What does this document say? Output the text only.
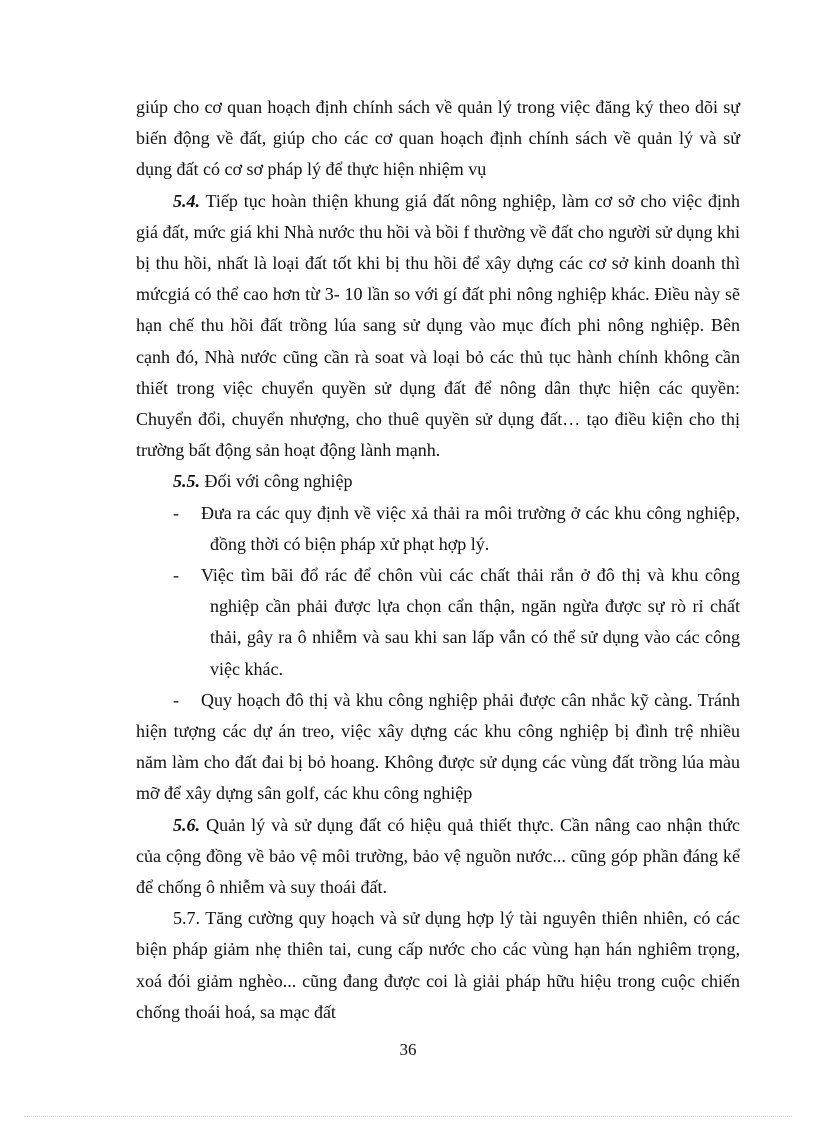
giúp cho cơ quan hoạch định chính sách về quản lý trong việc đăng ký theo dõi sự biến động về đất, giúp cho các cơ quan hoạch định chính sách về quản lý và sử dụng đất có cơ sơ pháp lý để thực hiện nhiệm vụ

5.4. Tiếp tục hoàn thiện khung giá đất nông nghiệp, làm cơ sở cho việc định giá đất, mức giá khi Nhà nước thu hồi và bồi f thường về đất cho người sử dụng khi bị thu hồi, nhất là loại đất tốt khi bị thu hồi để xây dựng các cơ sở kinh doanh thì mứcgiá có thể cao hơn từ 3- 10 lần so với gí đất phi nông nghiệp khác. Điều này sẽ hạn chế thu hồi đất trồng lúa sang sử dụng vào mục đích phi nông nghiệp. Bên cạnh đó, Nhà nước cũng cần rà soat và loại bỏ các thủ tục hành chính không cần thiết trong việc chuyển quyền sử dụng đất để nông dân thực hiện các quyền: Chuyển đổi, chuyển nhượng, cho thuê quyền sử dụng đất… tạo điều kiện cho thị trường bất động sản hoạt động lành mạnh.

5.5. Đối với công nghiệp

- Đưa ra các quy định về việc xả thải ra môi trường ở các khu công nghiệp, đồng thời có biện pháp xử phạt hợp lý.

- Việc tìm bãi đổ rác để chôn vùi các chất thải rắn ở đô thị và khu công nghiệp cần phải được lựa chọn cẩn thận, ngăn ngừa được sự rò rỉ chất thải, gây ra ô nhiễm và sau khi san lấp vẫn có thể sử dụng vào các công việc khác.

- Quy hoạch đô thị và khu công nghiệp phải được cân nhắc kỹ càng. Tránh hiện tượng các dự án treo, việc xây dựng các khu công nghiệp bị đình trệ nhiều năm làm cho đất đai bị bỏ hoang. Không được sử dụng các vùng đất trồng lúa màu mỡ để xây dựng sân golf, các khu công nghiệp

5.6. Quản lý và sử dụng đất có hiệu quả thiết thực. Cần nâng cao nhận thức của cộng đồng về bảo vệ môi trường, bảo vệ nguồn nước... cũng góp phần đáng kể để chống ô nhiễm và suy thoái đất.

5.7. Tăng cường quy hoạch và sử dụng hợp lý tài nguyên thiên nhiên, có các biện pháp giảm nhẹ thiên tai, cung cấp nước cho các vùng hạn hán nghiêm trọng, xoá đói giảm nghèo... cũng đang được coi là giải pháp hữu hiệu trong cuộc chiến chống thoái hoá, sa mạc đất

36
